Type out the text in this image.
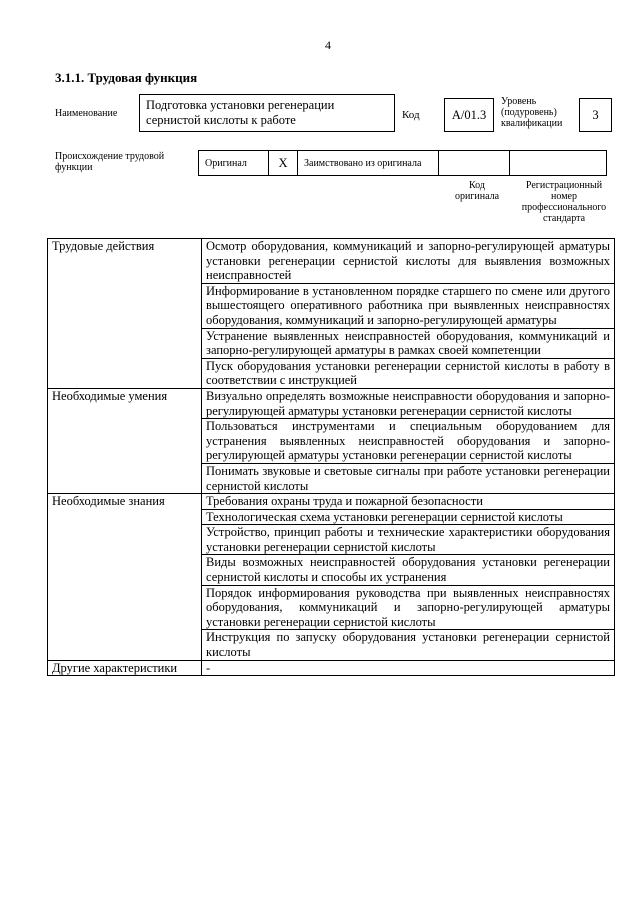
4
3.1.1. Трудовая функция
Наименование
Подготовка установки регенерации сернистой кислоты к работе	Код	A/01.3
Уровень (подуровень) квалификации
3
Происхождение трудовой функции	Оригинал	X	Заимствовано из оригинала
Код оригинала
Регистрационный номер профессионального стандарта
Трудовые действия	Осмотр оборудования, коммуникаций и запорно-регулирующей арматуры установки регенерации сернистой кислоты для выявления возможных неисправностей
	Информирование в установленном порядке старшего по смене или другого вышестоящего оперативного работника при выявленных неисправностях оборудования, коммуникаций и запорно-регулирующей арматуры
	Устранение выявленных неисправностей оборудования, коммуникаций и запорно-регулирующей арматуры в рамках своей компетенции
	Пуск оборудования установки регенерации сернистой кислоты в работу в соответствии с инструкцией
Необходимые умения	Визуально определять возможные неисправности оборудования и запорно-регулирующей арматуры установки регенерации сернистой кислоты
	Пользоваться инструментами и специальным оборудованием для устранения выявленных неисправностей оборудования и запорно-регулирующей арматуры установки регенерации сернистой кислоты
	Понимать звуковые и световые сигналы при работе установки регенерации сернистой кислоты
Необходимые знания	Требования охраны труда и пожарной безопасности
	Технологическая схема установки регенерации сернистой кислоты
	Устройство, принцип работы и технические характеристики оборудования установки регенерации сернистой кислоты
	Виды возможных неисправностей оборудования установки регенерации сернистой кислоты и способы их устранения
	Порядок информирования руководства при выявленных неисправностях оборудования, коммуникаций и запорно-регулирующей арматуры установки регенерации сернистой кислоты
	Инструкция по запуску оборудования установки регенерации сернистой кислоты
Другие характеристики	-
